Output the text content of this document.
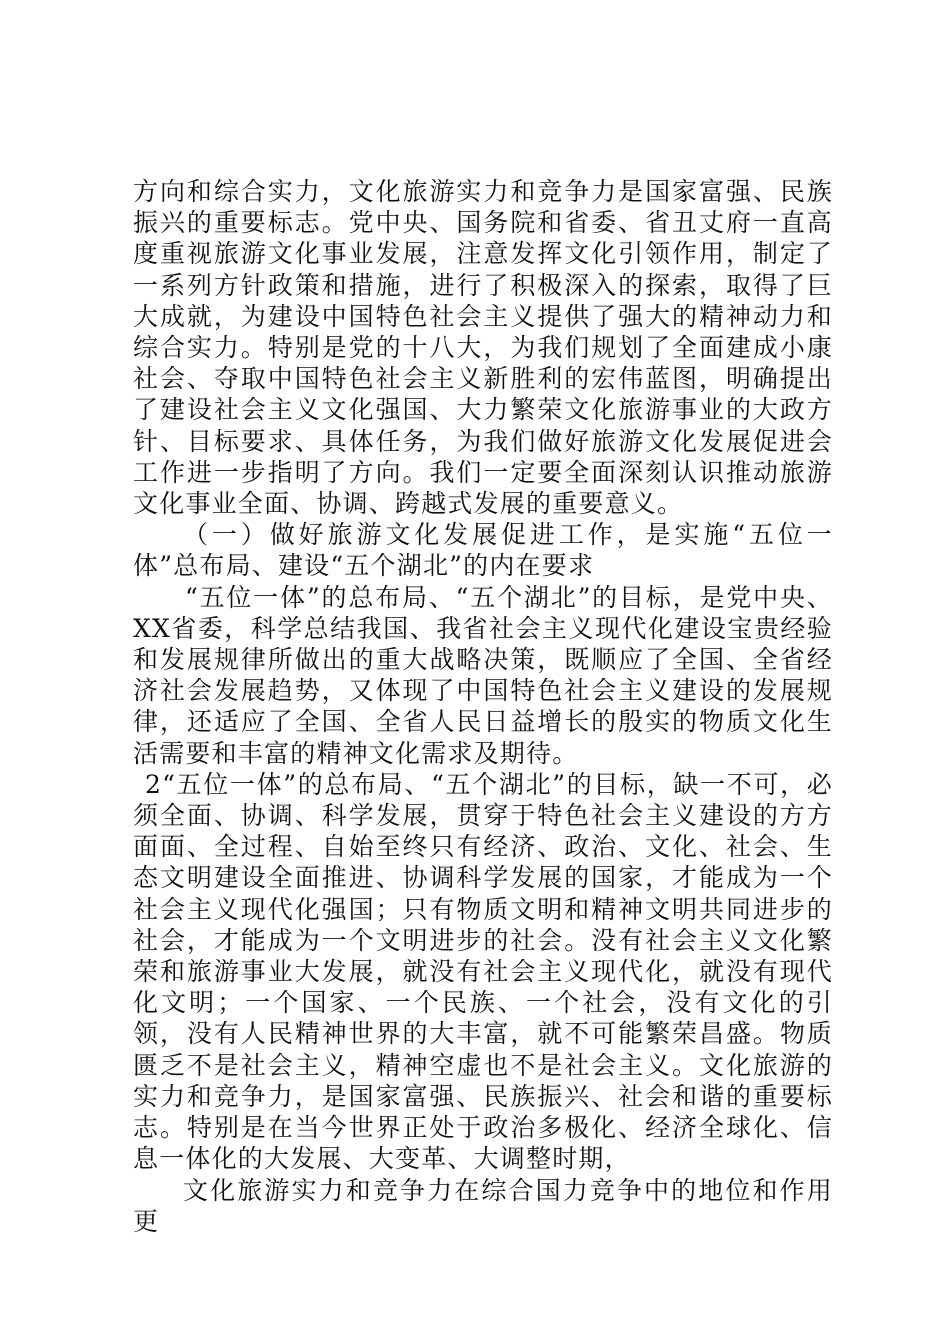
方向和综合实力，文化旅游实力和竞争力是国家富强、民族振兴的重要标志。党中央、国务院和省委、省丑丈府一直高度重视旅游文化事业发展，注意发挥文化引领作用，制定了一系列方针政策和措施，进行了积极深入的探索，取得了巨大成就，为建设中国特色社会主义提供了强大的精神动力和综合实力。特别是党的十八大，为我们规划了全面建成小康社会、夺取中国特色社会主义新胜利的宏伟蓝图，明确提出了建设社会主义文化强国、大力繁荣文化旅游事业的大政方针、目标要求、具体任务，为我们做好旅游文化发展促进会工作进一步指明了方向。我们一定要全面深刻认识推动旅游文化事业全面、协调、跨越式发展的重要意义。

（一）做好旅游文化发展促进工作，是实施“五位一体”总布局、建设“五个湖北”的内在要求

“五位一体”的总布局、“五个湖北”的目标，是党中央、XX省委，科学总结我国、我省社会主义现代化建设宝贵经验和发展规律所做出的重大战略决策，既顺应了全国、全省经济社会发展趋势，又体现了中国特色社会主义建设的发展规律，还适应了全国、全省人民日益增长的殷实的物质文化生活需要和丰富的精神文化需求及期待。

2“五位一体”的总布局、“五个湖北”的目标，缺一不可，必须全面、协调、科学发展，贯穿于特色社会主义建设的方方面面、全过程、自始至终只有经济、政治、文化、社会、生态文明建设全面推进、协调科学发展的国家，才能成为一个社会主义现代化强国；只有物质文明和精神文明共同进步的社会，才能成为一个文明进步的社会。没有社会主义文化繁荣和旅游事业大发展，就没有社会主义现代化，就没有现代化文明；一个国家、一个民族、一个社会，没有文化的引领，没有人民精神世界的大丰富，就不可能繁荣昌盛。物质匮乏不是社会主义，精神空虚也不是社会主义。文化旅游的实力和竞争力，是国家富强、民族振兴、社会和谐的重要标志。特别是在当今世界正处于政治多极化、经济全球化、信息一体化的大发展、大变革、大调整时期，

文化旅游实力和竞争力在综合国力竞争中的地位和作用更
